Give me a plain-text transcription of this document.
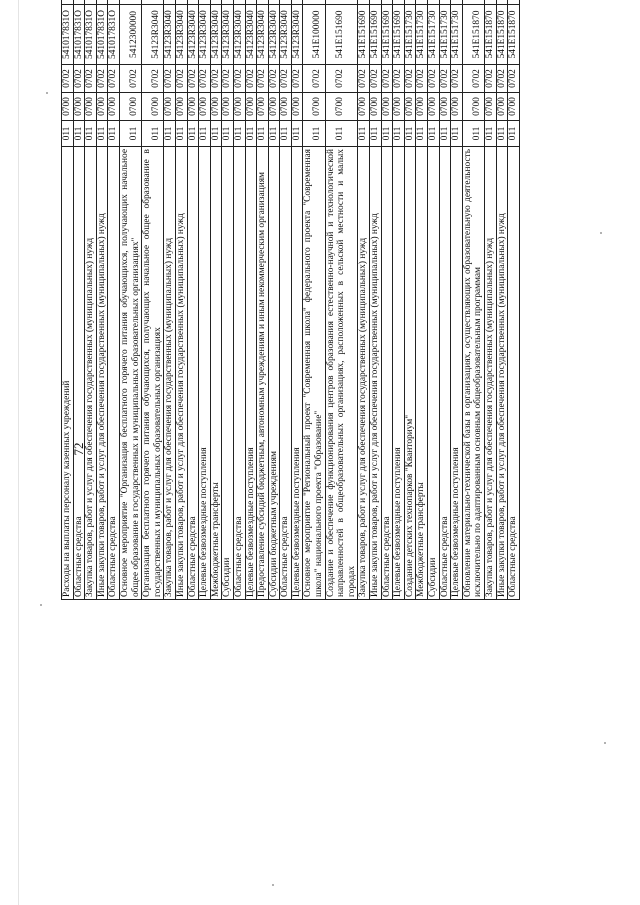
72
Расходы на выплаты персоналу казенных учреждений	011	0700	0702	541017831O			
Областные средства	011	0700	0702	541017831O			
Закупка товаров, работ и услуг для обеспечения государственных (муниципальных) нужд	011	0700	0702	541017831O			
Иные закупки товаров, работ и услуг для обеспечения государственных (муниципальных) нужд	011	0700	0702	541017831O			
Областные средства	011	0700	0702	541017831O			
Основное мероприятие "Организация бесплатного горячего питания обучающихся, получающих начальное общее образование в государственных и муниципальных образовательных организациях"	011	0700	0702	5412300000			
Организация бесплатного горячего питания обучающихся, получающих начальное общее образование в государственных и муниципальных образовательных организациях	011	0700	0702	54123R3040			
Закупка товаров, работ и услуг для обеспечения государственных (муниципальных) нужд	011	0700	0702	54123R3040			
Иные закупки товаров, работ и услуг для обеспечения государственных (муниципальных) нужд	011	0700	0702	54123R3040			
Областные средства	011	0700	0702	54123R3040			
Целевые безвозмездные поступления	011	0700	0702	54123R3040			
Межбюджетные трансферты	011	0700	0702	54123R3040			
Субсидии	011	0700	0702	54123R3040			
Областные средства	011	0700	0702	54123R3040			
Целевые безвозмездные поступления	011	0700	0702	54123R3040			
Предоставление субсидий бюджетным, автономным учреждениям и иным некоммерческим организациям	011	0700	0702	54123R3040			
Субсидии бюджетным учреждениям	011	0700	0702	54123R3040			
Областные средства	011	0700	0702	54123R3040			
Целевые безвозмездные поступления	011	0700	0702	54123R3040			
Основное мероприятие "Региональный проект "Современная школа" федерального проекта "Современная школа" национального проекта "Образование"	011	0700	0702	541E100000			
Создание и обеспечение функционирования центров образования естественно-научной и технологической направленностей в общеобразовательных организациях, расположенных в сельской местности и малых городах	011	0700	0702	541E151690			
Закупка товаров, работ и услуг для обеспечения государственных (муниципальных) нужд	011	0700	0702	541E151690			
Иные закупки товаров, работ и услуг для обеспечения государственных (муниципальных) нужд	011	0700	0702	541E151690			
Областные средства	011	0700	0702	541E151690			
Целевые безвозмездные поступления	011	0700	0702	541E151690			
Создание детских технопарков "Кванториум"	011	0700	0702	541E151730			
Межбюджетные трансферты	011	0700	0702	541E151730			
Субсидии	011	0700	0702	541E151730			
Областные средства	011	0700	0702	541E151730			
Целевые безвозмездные поступления	011	0700	0702	541E151730			
Обновление материально-технической базы в организациях, осуществляющих образовательную деятельность исключительно по адаптированным основным общеобразовательным программам	011	0700	0702	541E151870			
Закупка товаров, работ и услуг для обеспечения государственных (муниципальных) нужд	011	0700	0702	541E151870			
Иные закупки товаров, работ и услуг для обеспечения государственных (муниципальных) нужд	011	0700	0702	541E151870			
Областные средства	011	0700	0702	541E151870			
